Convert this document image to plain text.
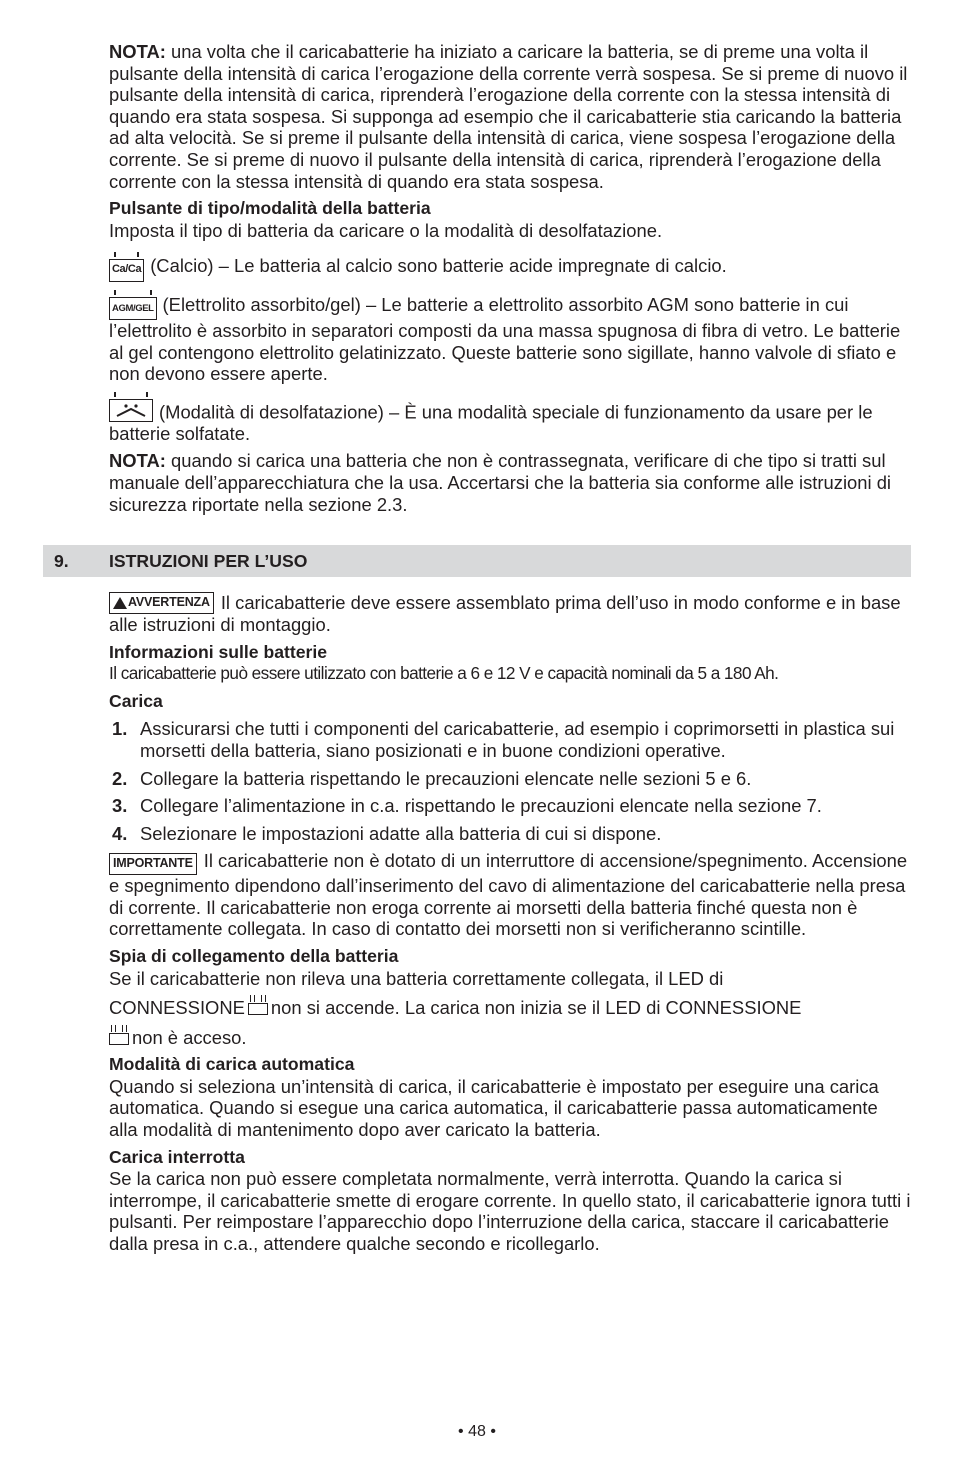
NOTA: una volta che il caricabatterie ha iniziato a caricare la batteria, se di preme una volta il pulsante della intensità di carica l’erogazione della corrente verrà sospesa. Se si preme di nuovo il pulsante della intensità di carica, riprenderà l’erogazione della corrente con la stessa intensità di quando era stata sospesa. Si supponga ad esempio che il caricabatterie stia caricando la batteria ad alta velocità. Se si preme il pulsante della intensità di carica, viene sospesa l’erogazione della corrente. Se si preme di nuovo il pulsante della intensità di carica, riprenderà l’erogazione della corrente con la stessa intensità di quando era stata sospesa.

Pulsante di tipo/modalità della batteria

Imposta il tipo di batteria da caricare o la modalità di desolfatazione.

Ca/Ca (Calcio) – Le batteria al calcio sono batterie acide impregnate di calcio.

AGM/GEL (Elettrolito assorbito/gel) – Le batterie a elettrolito assorbito AGM sono batterie in cui l’elettrolito è assorbito in separatori composti da una massa spugnosa di fibra di vetro. Le batterie al gel contengono elettrolito gelatinizzato. Queste batterie sono sigillate, hanno valvole di sfiato e non devono essere aperte.

(Modalità di desolfatazione) – È una modalità speciale di funzionamento da usare per le batterie solfatate.

NOTA: quando si carica una batteria che non è contrassegnata, verificare di che tipo si tratti sul manuale dell’apparecchiatura che la usa. Accertarsi che la batteria sia conforme alle istruzioni di sicurezza riportate nella sezione 2.3.

9. ISTRUZIONI PER L’USO

AVVERTENZA Il caricabatterie deve essere assemblato prima dell’uso in modo conforme e in base alle istruzioni di montaggio.

Informazioni sulle batterie

Il caricabatterie può essere utilizzato con batterie a 6 e 12 V e capacità nominali da 5 a 180 Ah.

Carica

1. Assicurarsi che tutti i componenti del caricabatterie, ad esempio i coprimorsetti in plastica sui morsetti della batteria, siano posizionati e in buone condizioni operative.
2. Collegare la batteria rispettando le precauzioni elencate nelle sezioni 5 e 6.
3. Collegare l’alimentazione in c.a. rispettando le precauzioni elencate nella sezione 7.
4. Selezionare le impostazioni adatte alla batteria di cui si dispone.

IMPORTANTE Il caricabatterie non è dotato di un interruttore di accensione/spegnimento. Accensione e spegnimento dipendono dall’inserimento del cavo di alimentazione del caricabatterie nella presa di corrente. Il caricabatterie non eroga corrente ai morsetti della batteria finché questa non è correttamente collegata. In caso di contatto dei morsetti non si verificheranno scintille.

Spia di collegamento della batteria

Se il caricabatterie non rileva una batteria correttamente collegata, il LED di

CONNESSIONE non si accende. La carica non inizia se il LED di CONNESSIONE

non è acceso.

Modalità di carica automatica

Quando si seleziona un’intensità di carica, il caricabatterie è impostato per eseguire una carica automatica. Quando si esegue una carica automatica, il caricabatterie passa automaticamente alla modalità di mantenimento dopo aver caricato la batteria.

Carica interrotta

Se la carica non può essere completata normalmente, verrà interrotta. Quando la carica si interrompe, il caricabatterie smette di erogare corrente. In quello stato, il caricabatterie ignora tutti i pulsanti. Per reimpostare l’apparecchio dopo l’interruzione della carica, staccare il caricabatterie dalla presa in c.a., attendere qualche secondo e ricollegarlo.

• 48 •
